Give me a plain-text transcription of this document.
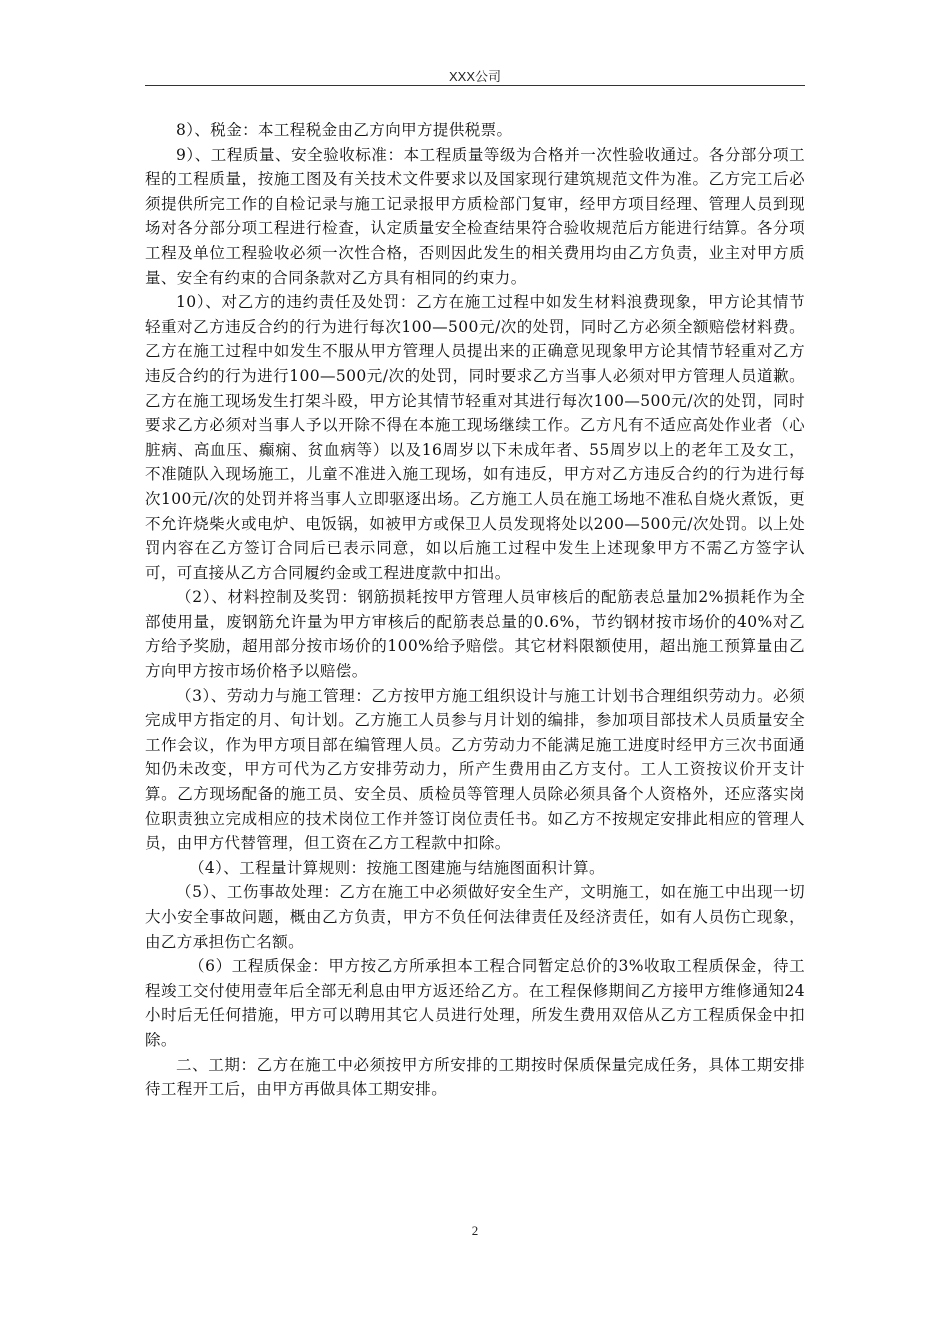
XXX公司

8）、税金：本工程税金由乙方向甲方提供税票。

9）、工程质量、安全验收标准：本工程质量等级为合格并一次性验收通过。各分部分项工程的工程质量，按施工图及有关技术文件要求以及国家现行建筑规范文件为准。乙方完工后必须提供所完工作的自检记录与施工记录报甲方质检部门复审，经甲方项目经理、管理人员到现场对各分部分项工程进行检查，认定质量安全检查结果符合验收规范后方能进行结算。各分项工程及单位工程验收必须一次性合格，否则因此发生的相关费用均由乙方负责，业主对甲方质量、安全有约束的合同条款对乙方具有相同的约束力。

10）、对乙方的违约责任及处罚：乙方在施工过程中如发生材料浪费现象，甲方论其情节轻重对乙方违反合约的行为进行每次100—500元/次的处罚，同时乙方必须全额赔偿材料费。乙方在施工过程中如发生不服从甲方管理人员提出来的正确意见现象甲方论其情节轻重对乙方违反合约的行为进行100—500元/次的处罚，同时要求乙方当事人必须对甲方管理人员道歉。乙方在施工现场发生打架斗殴，甲方论其情节轻重对其进行每次100—500元/次的处罚，同时要求乙方必须对当事人予以开除不得在本施工现场继续工作。乙方凡有不适应高处作业者（心脏病、高血压、癫痫、贫血病等）以及16周岁以下未成年者、55周岁以上的老年工及女工，不准随队入现场施工，儿童不准进入施工现场，如有违反，甲方对乙方违反合约的行为进行每次100元/次的处罚并将当事人立即驱逐出场。乙方施工人员在施工场地不准私自烧火煮饭，更不允许烧柴火或电炉、电饭锅，如被甲方或保卫人员发现将处以200—500元/次处罚。以上处罚内容在乙方签订合同后已表示同意，如以后施工过程中发生上述现象甲方不需乙方签字认可，可直接从乙方合同履约金或工程进度款中扣出。

（2）、材料控制及奖罚：钢筋损耗按甲方管理人员审核后的配筋表总量加2%损耗作为全部使用量，废钢筋允许量为甲方审核后的配筋表总量的0.6%，节约钢材按市场价的40%对乙方给予奖励，超用部分按市场价的100%给予赔偿。其它材料限额使用，超出施工预算量由乙方向甲方按市场价格予以赔偿。

（3）、劳动力与施工管理：乙方按甲方施工组织设计与施工计划书合理组织劳动力。必须完成甲方指定的月、旬计划。乙方施工人员参与月计划的编排，参加项目部技术人员质量安全工作会议，作为甲方项目部在编管理人员。乙方劳动力不能满足施工进度时经甲方三次书面通知仍未改变，甲方可代为乙方安排劳动力，所产生费用由乙方支付。工人工资按议价开支计算。乙方现场配备的施工员、安全员、质检员等管理人员除必须具备个人资格外，还应落实岗位职责独立完成相应的技术岗位工作并签订岗位责任书。如乙方不按规定安排此相应的管理人员，由甲方代替管理，但工资在乙方工程款中扣除。

（4）、工程量计算规则：按施工图建施与结施图面积计算。

（5）、工伤事故处理：乙方在施工中必须做好安全生产，文明施工，如在施工中出现一切大小安全事故问题，概由乙方负责，甲方不负任何法律责任及经济责任，如有人员伤亡现象，由乙方承担伤亡名额。

（6）工程质保金：甲方按乙方所承担本工程合同暂定总价的3%收取工程质保金，待工程竣工交付使用壹年后全部无利息由甲方返还给乙方。在工程保修期间乙方接甲方维修通知24小时后无任何措施，甲方可以聘用其它人员进行处理，所发生费用双倍从乙方工程质保金中扣除。

二、工期：乙方在施工中必须按甲方所安排的工期按时保质保量完成任务，具体工期安排待工程开工后，由甲方再做具体工期安排。

2
